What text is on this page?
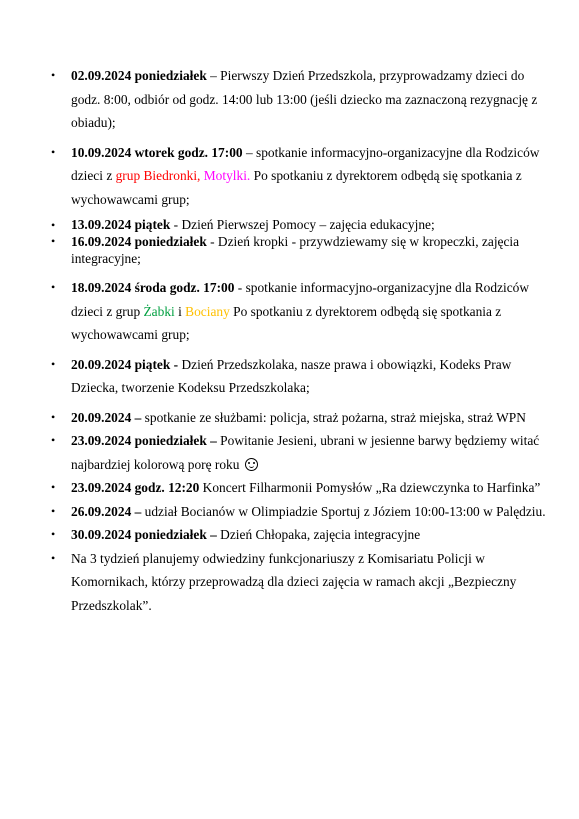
• 02.09.2024 poniedziałek – Pierwszy Dzień Przedszkola, przyprowadzamy dzieci do godz. 8:00, odbiór od godz. 14:00 lub 13:00 (jeśli dziecko ma zaznaczoną rezygnację z obiadu);
• 10.09.2024 wtorek godz. 17:00 – spotkanie informacyjno-organizacyjne dla Rodziców dzieci z grup Biedronki, Motylki. Po spotkaniu z dyrektorem odbędą się spotkania z wychowawcami grup;
• 13.09.2024 piątek - Dzień Pierwszej Pomocy – zajęcia edukacyjne;
• 16.09.2024 poniedziałek - Dzień kropki - przywdziewamy się w kropeczki, zajęcia integracyjne;
• 18.09.2024 środa godz. 17:00 - spotkanie informacyjno-organizacyjne dla Rodziców dzieci z grup Żabki i Bociany Po spotkaniu z dyrektorem odbędą się spotkania z wychowawcami grup;
• 20.09.2024 piątek - Dzień Przedszkolaka, nasze prawa i obowiązki, Kodeks Praw Dziecka, tworzenie Kodeksu Przedszkolaka;
• 20.09.2024 – spotkanie ze służbami: policja, straż pożarna, straż miejska, straż WPN
• 23.09.2024 poniedziałek – Powitanie Jesieni, ubrani w jesienne barwy będziemy witać najbardziej kolorową porę roku
• 23.09.2024 godz. 12:20 Koncert Filharmonii Pomysłów „Ra dziewczynka to Harfinka”
• 26.09.2024 – udział Bocianów w Olimpiadzie Sportuj z Józiem 10:00-13:00 w Palędziu.
• 30.09.2024 poniedziałek – Dzień Chłopaka, zajęcia integracyjne
• Na 3 tydzień planujemy odwiedziny funkcjonariuszy z Komisariatu Policji w Komornikach, którzy przeprowadzą dla dzieci zajęcia w ramach akcji „Bezpieczny Przedszkolak”.
